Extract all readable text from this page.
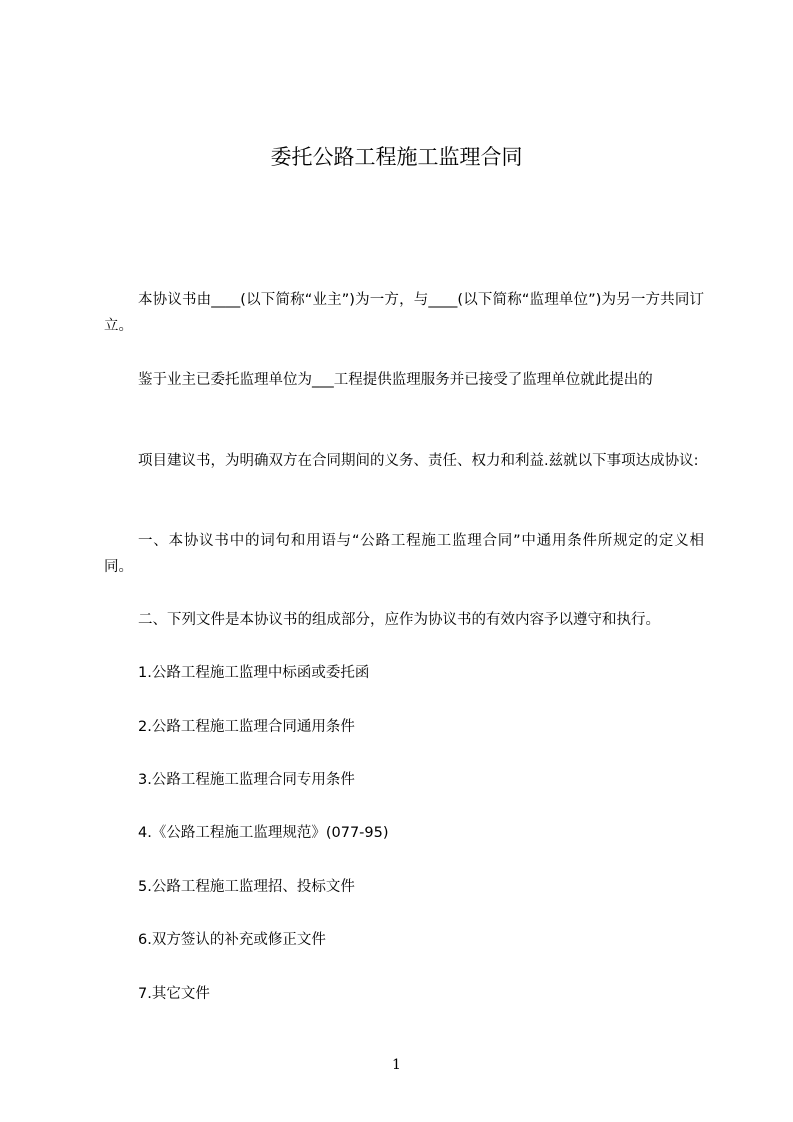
委托公路工程施工监理合同
本协议书由____(以下简称“业主”)为一方，与____(以下简称“监理单位”)为另一方共同订立。
鉴于业主已委托监理单位为___工程提供监理服务并已接受了监理单位就此提出的
项目建议书，为明确双方在合同期间的义务、责任、权力和利益.兹就以下事项达成协议:
一、本协议书中的词句和用语与“公路工程施工监理合同”中通用条件所规定的定义相同。
二、下列文件是本协议书的组成部分，应作为协议书的有效内容予以遵守和执行。
1.公路工程施工监理中标函或委托函
2.公路工程施工监理合同通用条件
3.公路工程施工监理合同专用条件
4.《公路工程施工监理规范》(077-95)
5.公路工程施工监理招、投标文件
6.双方签认的补充或修正文件
7.其它文件
1
